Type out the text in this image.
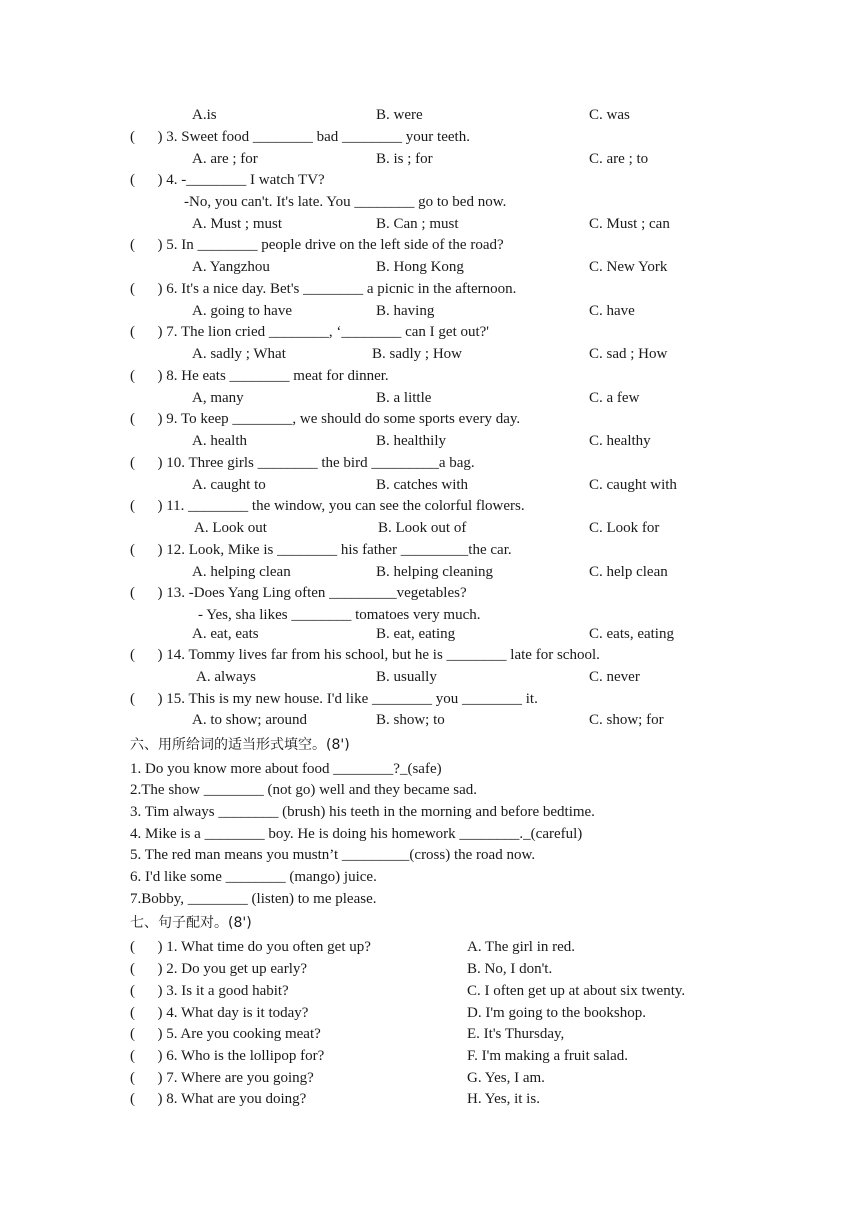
A.is	B. were	C. was
(      ) 3. Sweet food ________ bad ________ your teeth.
A. are ; for	B. is ; for	C. are ; to
(      ) 4. -________ I watch TV?
-No, you can't. It's late. You ________ go to bed now.
A. Must ; must	B. Can ; must	C. Must ; can
(      ) 5. In ________ people drive on the left side of the road?
A. Yangzhou	B. Hong Kong	C. New York
(      ) 6. It's a nice day. Bet's ________ a picnic in the afternoon.
A. going to have	B. having	C. have
(      ) 7. The lion cried ________, ‘________ can I get out?'
A. sadly ; What	B. sadly ; How	C. sad ; How
(      ) 8. He eats ________ meat for dinner.
A, many	B. a little	C. a few
(      ) 9. To keep ________, we should do some sports every day.
A. health	B. healthily	C. healthy
(      ) 10. Three girls ________ the bird _________a bag.
A. caught to	B. catches with	C. caught with
(      ) 11. ________ the window, you can see the colorful flowers.
A. Look out	B. Look out of	C. Look for
(      ) 12. Look, Mike is ________ his father _________the car.
A. helping clean	B. helping cleaning	C. help clean
(      ) 13. -Does Yang Ling often _________vegetables?
- Yes, sha likes ________ tomatoes very much.
A. eat, eats	B. eat, eating	C. eats, eating
(      ) 14. Tommy lives far from his school, but he is ________ late for school.
A. always	B. usually	C. never
(      ) 15. This is my new house. I'd like ________ you ________ it.
A. to show; around	B. show; to	C. show; for
六、用所给词的适当形式填空。(8')
1. Do you know more about food ________?_(safe)
2.The show ________ (not go) well and they became sad.
3. Tim always ________ (brush) his teeth in the morning and before bedtime.
4. Mike is a ________ boy. He is doing his homework ________._(careful)
5. The red man means you mustn’t _________(cross) the road now.
6. I'd like some ________ (mango) juice.
7.Bobby, ________ (listen) to me please.
七、句子配对。(8')
(      ) 1. What time do you often get up?	A. The girl in red.
(      ) 2. Do you get up early?	B. No, I don't.
(      ) 3. Is it a good habit?	C. I often get up at about six twenty.
(      ) 4. What day is it today?	D. I'm going to the bookshop.
(      ) 5. Are you cooking meat?	E. It's Thursday,
(      ) 6. Who is the lollipop for?	F. I'm making a fruit salad.
(      ) 7. Where are you going?	G. Yes, I am.
(      ) 8. What are you doing?	H. Yes, it is.
